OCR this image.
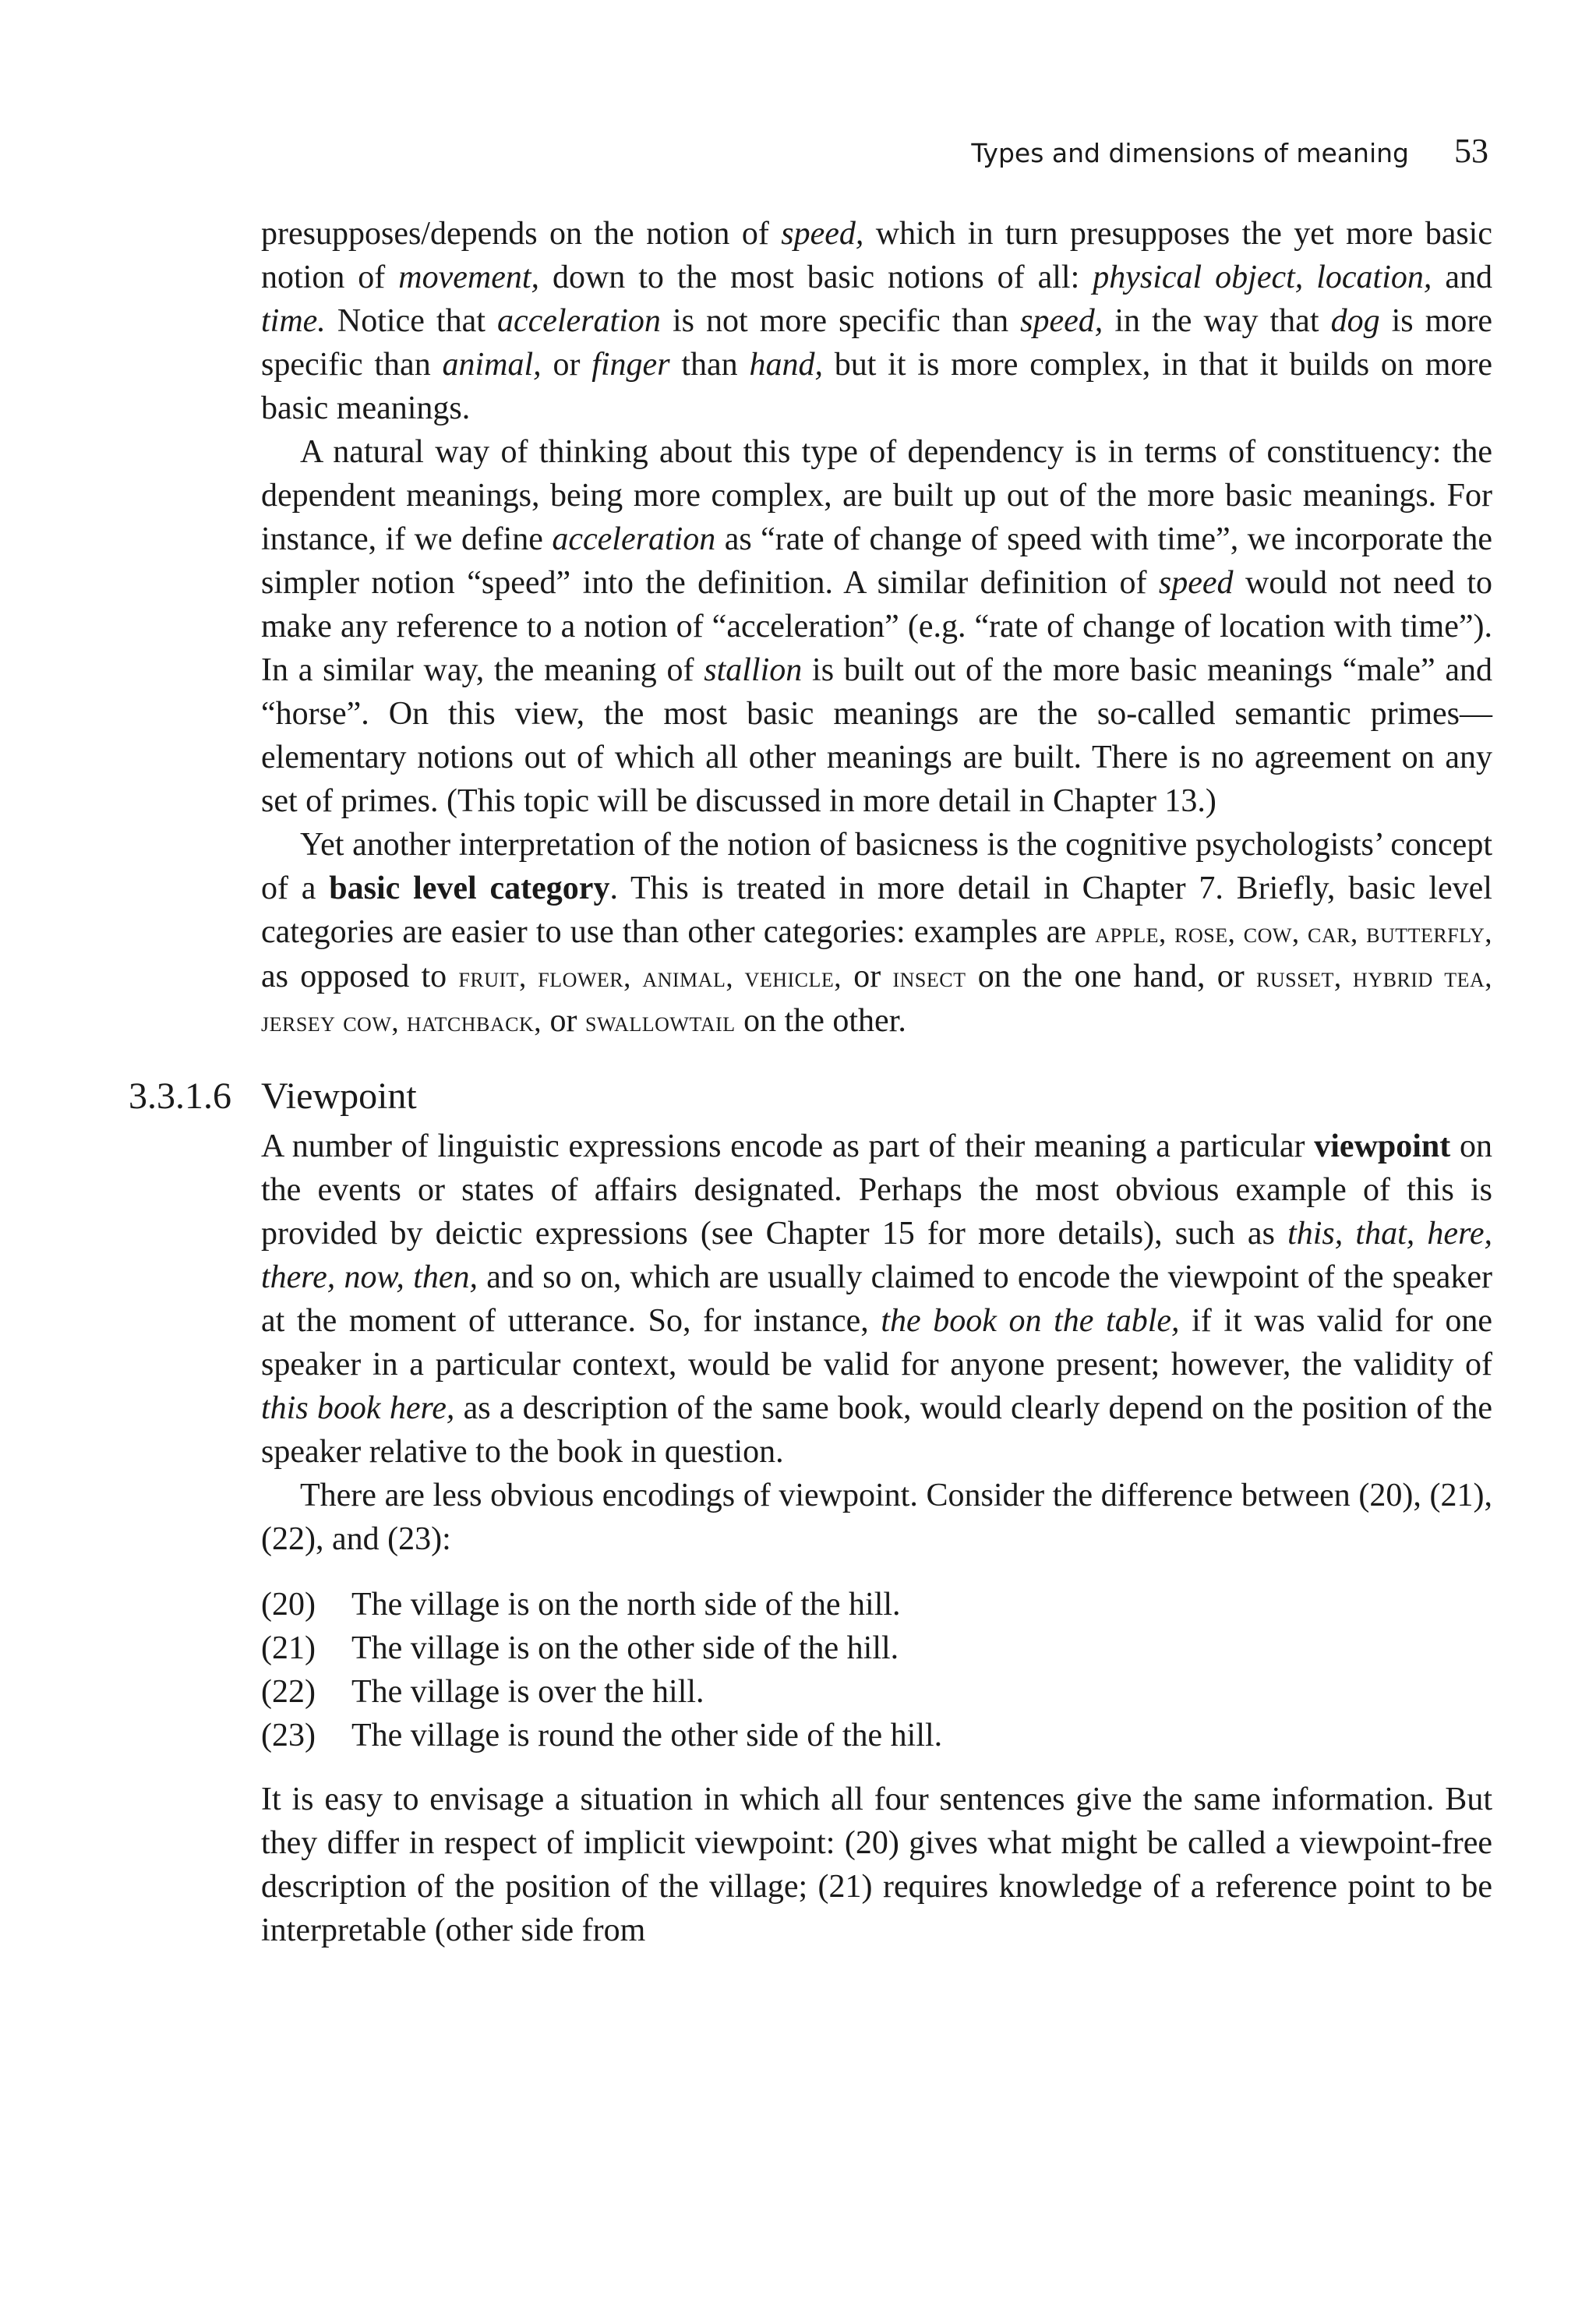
Types and dimensions of meaning 53

presupposes/depends on the notion of speed, which in turn presupposes the yet more basic notion of movement, down to the most basic notions of all: physical object, location, and time. Notice that acceleration is not more specific than speed, in the way that dog is more specific than animal, or finger than hand, but it is more complex, in that it builds on more basic meanings.

A natural way of thinking about this type of dependency is in terms of constituency: the dependent meanings, being more complex, are built up out of the more basic meanings. For instance, if we define acceleration as “rate of change of speed with time”, we incorporate the simpler notion “speed” into the definition. A similar definition of speed would not need to make any reference to a notion of “acceleration” (e.g. “rate of change of location with time”). In a similar way, the meaning of stallion is built out of the more basic meanings “male” and “horse”. On this view, the most basic meanings are the so-called semantic primes—elementary notions out of which all other meanings are built. There is no agreement on any set of primes. (This topic will be discussed in more detail in Chapter 13.)

Yet another interpretation of the notion of basicness is the cognitive psychologists’ concept of a basic level category. This is treated in more detail in Chapter 7. Briefly, basic level categories are easier to use than other categories: examples are apple, rose, cow, car, butterfly, as opposed to fruit, flower, animal, vehicle, or insect on the one hand, or russet, hybrid tea, jersey cow, hatchback, or swallowtail on the other.

3.3.1.6 Viewpoint

A number of linguistic expressions encode as part of their meaning a particular viewpoint on the events or states of affairs designated. Perhaps the most obvious example of this is provided by deictic expressions (see Chapter 15 for more details), such as this, that, here, there, now, then, and so on, which are usually claimed to encode the viewpoint of the speaker at the moment of utterance. So, for instance, the book on the table, if it was valid for one speaker in a particular context, would be valid for anyone present; however, the validity of this book here, as a description of the same book, would clearly depend on the position of the speaker relative to the book in question.

There are less obvious encodings of viewpoint. Consider the difference between (20), (21), (22), and (23):

(20)	The village is on the north side of the hill.
(21)	The village is on the other side of the hill.
(22)	The village is over the hill.
(23)	The village is round the other side of the hill.

It is easy to envisage a situation in which all four sentences give the same information. But they differ in respect of implicit viewpoint: (20) gives what might be called a viewpoint-free description of the position of the village; (21) requires knowledge of a reference point to be interpretable (other side from
